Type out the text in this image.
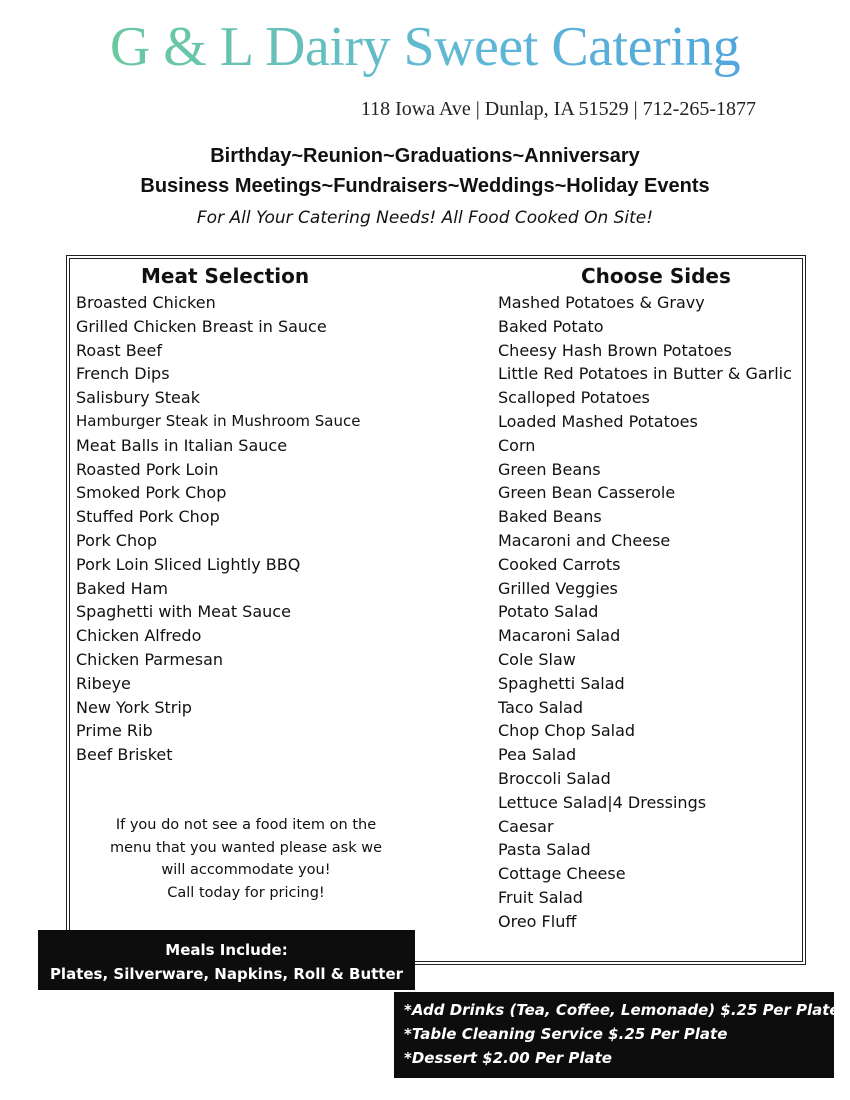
G & L Dairy Sweet Catering
118 Iowa Ave | Dunlap, IA 51529 | 712-265-1877
Birthday~Reunion~Graduations~Anniversary
Business Meetings~Fundraisers~Weddings~Holiday Events
For All Your Catering Needs! All Food Cooked On Site!
Meat Selection
Broasted Chicken
Grilled Chicken Breast in Sauce
Roast Beef
French Dips
Salisbury Steak
Hamburger Steak in Mushroom Sauce
Meat Balls in Italian Sauce
Roasted Pork Loin
Smoked Pork Chop
Stuffed Pork Chop
Pork Chop
Pork Loin Sliced Lightly BBQ
Baked Ham
Spaghetti with Meat Sauce
Chicken Alfredo
Chicken Parmesan
Ribeye
New York Strip
Prime Rib
Beef Brisket
Choose Sides
Mashed Potatoes & Gravy
Baked Potato
Cheesy Hash Brown Potatoes
Little Red Potatoes in Butter & Garlic
Scalloped Potatoes
Loaded Mashed Potatoes
Corn
Green Beans
Green Bean Casserole
Baked Beans
Macaroni and Cheese
Cooked Carrots
Grilled Veggies
Potato Salad
Macaroni Salad
Cole Slaw
Spaghetti Salad
Taco Salad
Chop Chop Salad
Pea Salad
Broccoli Salad
Lettuce Salad|4 Dressings
Caesar
Pasta Salad
Cottage Cheese
Fruit Salad
Oreo Fluff
If you do not see a food item on the
menu that you wanted please ask we
will accommodate you!
Call today for pricing!
Meals Include:
Plates, Silverware, Napkins, Roll & Butter
*Add Drinks (Tea, Coffee, Lemonade) $.25 Per Plate
*Table Cleaning Service $.25 Per Plate
*Dessert $2.00 Per Plate
